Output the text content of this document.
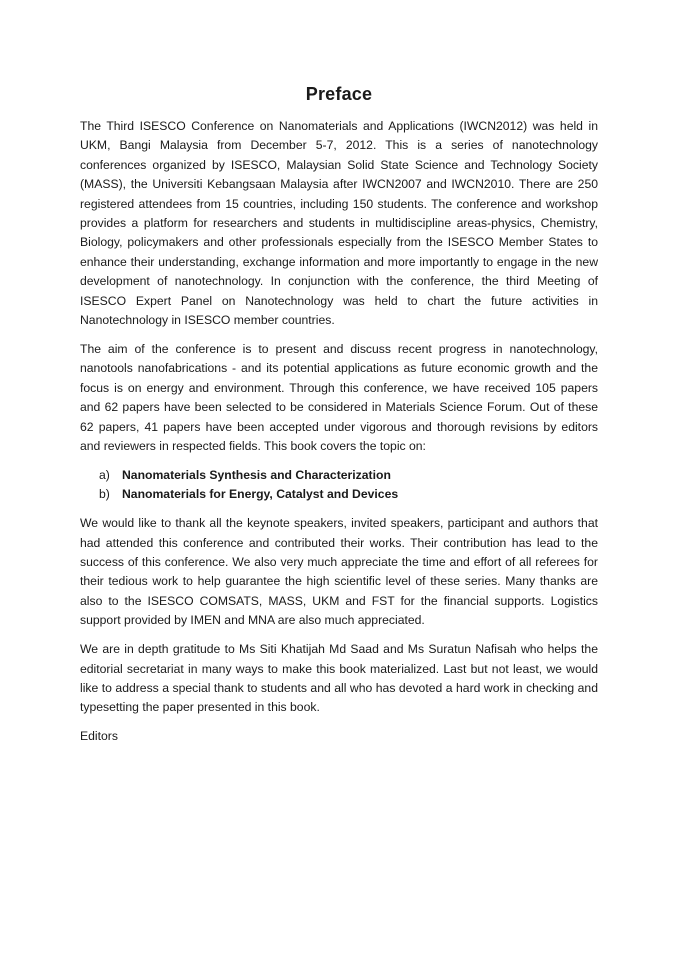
Preface

The Third ISESCO Conference on Nanomaterials and Applications (IWCN2012) was held in UKM, Bangi Malaysia from December 5-7, 2012. This is a series of nanotechnology conferences organized by ISESCO, Malaysian Solid State Science and Technology Society (MASS), the Universiti Kebangsaan Malaysia after IWCN2007 and IWCN2010. There are 250 registered attendees from 15 countries, including 150 students. The conference and workshop provides a platform for researchers and students in multidiscipline areas-physics, Chemistry, Biology, policymakers and other professionals especially from the ISESCO Member States to enhance their understanding, exchange information and more importantly to engage in the new development of nanotechnology. In conjunction with the conference, the third Meeting of ISESCO Expert Panel on Nanotechnology was held to chart the future activities in Nanotechnology in ISESCO member countries.

The aim of the conference is to present and discuss recent progress in nanotechnology, nanotools nanofabrications - and its potential applications as future economic growth and the focus is on energy and environment. Through this conference, we have received 105 papers and 62 papers have been selected to be considered in Materials Science Forum. Out of these 62 papers, 41 papers have been accepted under vigorous and thorough revisions by editors and reviewers in respected fields. This book covers the topic on:

a) Nanomaterials Synthesis and Characterization
b) Nanomaterials for Energy, Catalyst and Devices

We would like to thank all the keynote speakers, invited speakers, participant and authors that had attended this conference and contributed their works. Their contribution has lead to the success of this conference. We also very much appreciate the time and effort of all referees for their tedious work to help guarantee the high scientific level of these series. Many thanks are also to the ISESCO COMSATS, MASS, UKM and FST for the financial supports. Logistics support provided by IMEN and MNA are also much appreciated.

We are in depth gratitude to Ms Siti Khatijah Md Saad and Ms Suratun Nafisah who helps the editorial secretariat in many ways to make this book materialized. Last but not least, we would like to address a special thank to students and all who has devoted a hard work in checking and typesetting the paper presented in this book.

Editors
